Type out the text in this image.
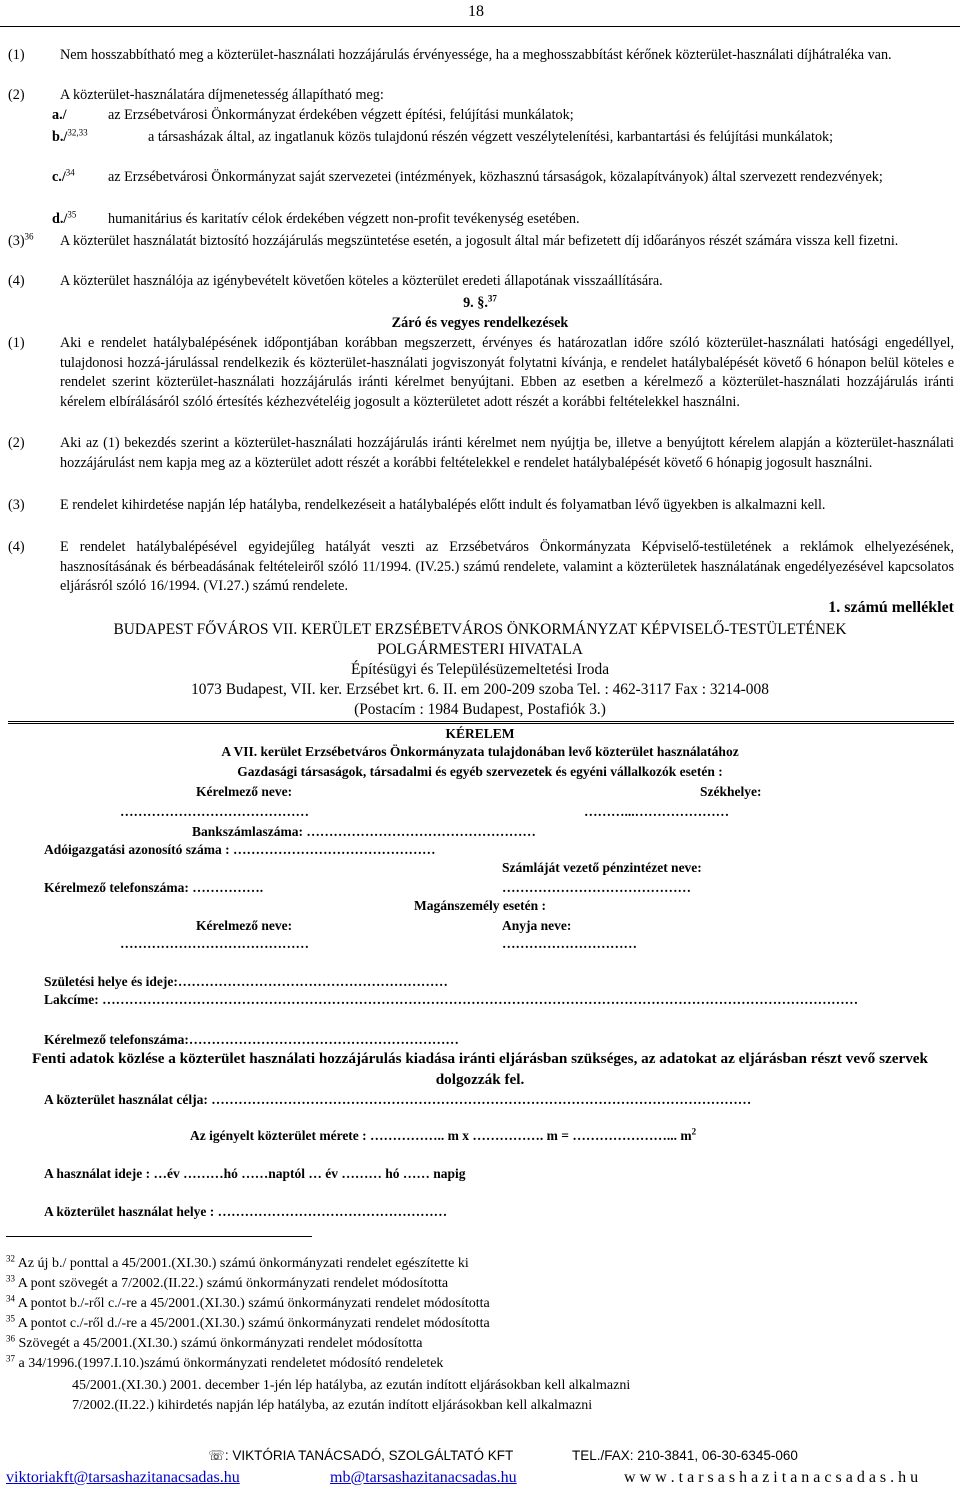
18
(1) Nem hosszabbítható meg a közterület-használati hozzájárulás érvényessége, ha a meghosszabbítást kérőnek közterület-használati díjhátraléka van.
(2) A közterület-használatára díjmenetesség állapítható meg:
a./	az Erzsébetvárosi Önkormányzat érdekében végzett építési, felújítási munkálatok;
b./$^{32,33}$	a társasházak által, az ingatlanuk közös tulajdonú részén végzett veszélytelenítési, karbantartási és felújítási munkálatok;
c./$^{34}$ az Erzsébetvárosi Önkormányzat saját szervezetei (intézmények, közhasznú társaságok, közalapítványok) által szervezett rendezvények;
d./$^{35}$ humanitárius és karitatív célok érdekében végzett non-profit tevékenység esetében.
$(3)^{36}$ A közterület használatát biztosító hozzájárulás megszüntetése esetén, a jogosult által már befizetett díj időarányos részét számára vissza kell fizetni.
(4) A közterület használója az igénybevételt követően köteles a közterület eredeti állapotának visszaállítására.
9. §.$^{37}$
Záró és vegyes rendelkezések
(1) Aki e rendelet hatálybalépésének időpontjában korábban megszerzett, érvényes és határozatlan időre szóló közterület-használati hatósági engedéllyel, tulajdonosi hozzá-járulással rendelkezik és közterület-használati jogviszonyát folytatni kívánja, e rendelet hatálybalépését követő 6 hónapon belül köteles e rendelet szerint közterület-használati hozzájárulás iránti kérelmet benyújtani. Ebben az esetben a kérelmező a közterület-használati hozzájárulás iránti kérelem elbírálásáról szóló értesítés kézhezvételéig jogosult a közterületet adott részét a korábbi feltételekkel használni.
(2) Aki az (1) bekezdés szerint a közterület-használati hozzájárulás iránti kérelmet nem nyújtja be, illetve a benyújtott kérelem alapján a közterület-használati hozzájárulást nem kapja meg az a közterület adott részét a korábbi feltételekkel e rendelet hatálybalépését követő 6 hónapig jogosult használni.
(3) E rendelet kihirdetése napján lép hatályba, rendelkezéseit a hatálybalépés előtt indult és folyamatban lévő ügyekben is alkalmazni kell.
(4) E rendelet hatálybalépésével egyidejűleg hatályát veszti az Erzsébetváros Önkormányzata Képviselő-testületének a reklámok elhelyezésének, hasznosításának és bérbeadásának feltételeiről szóló 11/1994. (IV.25.) számú rendelete, valamint a közterületek használatának engedélyezésével kapcsolatos eljárásról szóló 16/1994. (VI.27.) számú rendelete.
1. számú melléklet
BUDAPEST FŐVÁROS VII. KERÜLET ERZSÉBETVÁROS ÖNKORMÁNYZAT KÉPVISELŐ-TESTÜLETÉNEK
POLGÁRMESTERI HIVATALA
Építésügyi és Településüzemeltetési Iroda
1073 Budapest, VII. ker. Erzsébet krt. 6. II. em 200-209 szoba Tel. : 462-3117 Fax : 3214-008
(Postacím : 1984 Budapest, Postafiók 3.)
KÉRELEM
A VII. kerület Erzsébetváros Önkormányzata tulajdonában levő közterület használatához
Gazdasági társaságok, társadalmi és egyéb szervezetek és egyéni vállalkozók esetén :
Kérelmező neve:	Székhelye:
……………………………………	………...…………………
Bankszámlaszáma: ……………………………………………
Adóigazgatási azonosító száma : ………………………………………
Számláját vezető pénzintézet neve:
Kérelmező telefonszáma: …………….	……………………………………
Magánszemély esetén :
Kérelmező neve:	Anyja neve:
……………………………………	…………………………
Születési helye és ideje:……………………………………………………
Lakcíme: ……………………………………………………………………………………………………………………………………………………
Kérelmező telefonszáma:……………………………………………………
Fenti adatok közlése a közterület használati hozzájárulás kiadása iránti eljárásban szükséges, az adatokat az eljárásban részt vevő szervek dolgozzák fel.
A közterület használat célja: …………………………………………………………………………………………………………
Az igényelt közterület mérete : …………….. m x ……………. m = …………………... $m^2$
A használat ideje : …év ………hó ……naptól … év ……… hó …… napig
A közterület használat helye : ……………………………………………
$^{32}$ Az új b./ ponttal a 45/2001.(XI.30.) számú önkormányzati rendelet egészítette ki
$^{33}$ A pont szövegét a 7/2002.(II.22.) számú önkormányzati rendelet módosította
$^{34}$ A pontot b./-ről c./-re a 45/2001.(XI.30.) számú önkormányzati rendelet módosította
$^{35}$ A pontot c./-ről d./-re a 45/2001.(XI.30.) számú önkormányzati rendelet módosította
$^{36}$ Szövegét a 45/2001.(XI.30.) számú önkormányzati rendelet módosította
$^{37}$ a 34/1996.(1997.I.10.)számú önkormányzati rendeletet módosító rendeletek
45/2001.(XI.30.) 2001. december 1-jén lép hatályba, az ezután indított eljárásokban kell alkalmazni
7/2002.(II.22.) kihirdetés napján lép hatályba, az ezután indított eljárásokban kell alkalmazni
☏: VIKTÓRIA TANÁCSADÓ, SZOLGÁLTATÓ KFT	TEL./FAX: 210-3841, 06-30-6345-060
viktoriakft@tarsashazitanacsadas.hu	mb@tarsashazitanacsadas.hu	w w w . t a r s a s h a z i t a n a c s a d a s . h u
